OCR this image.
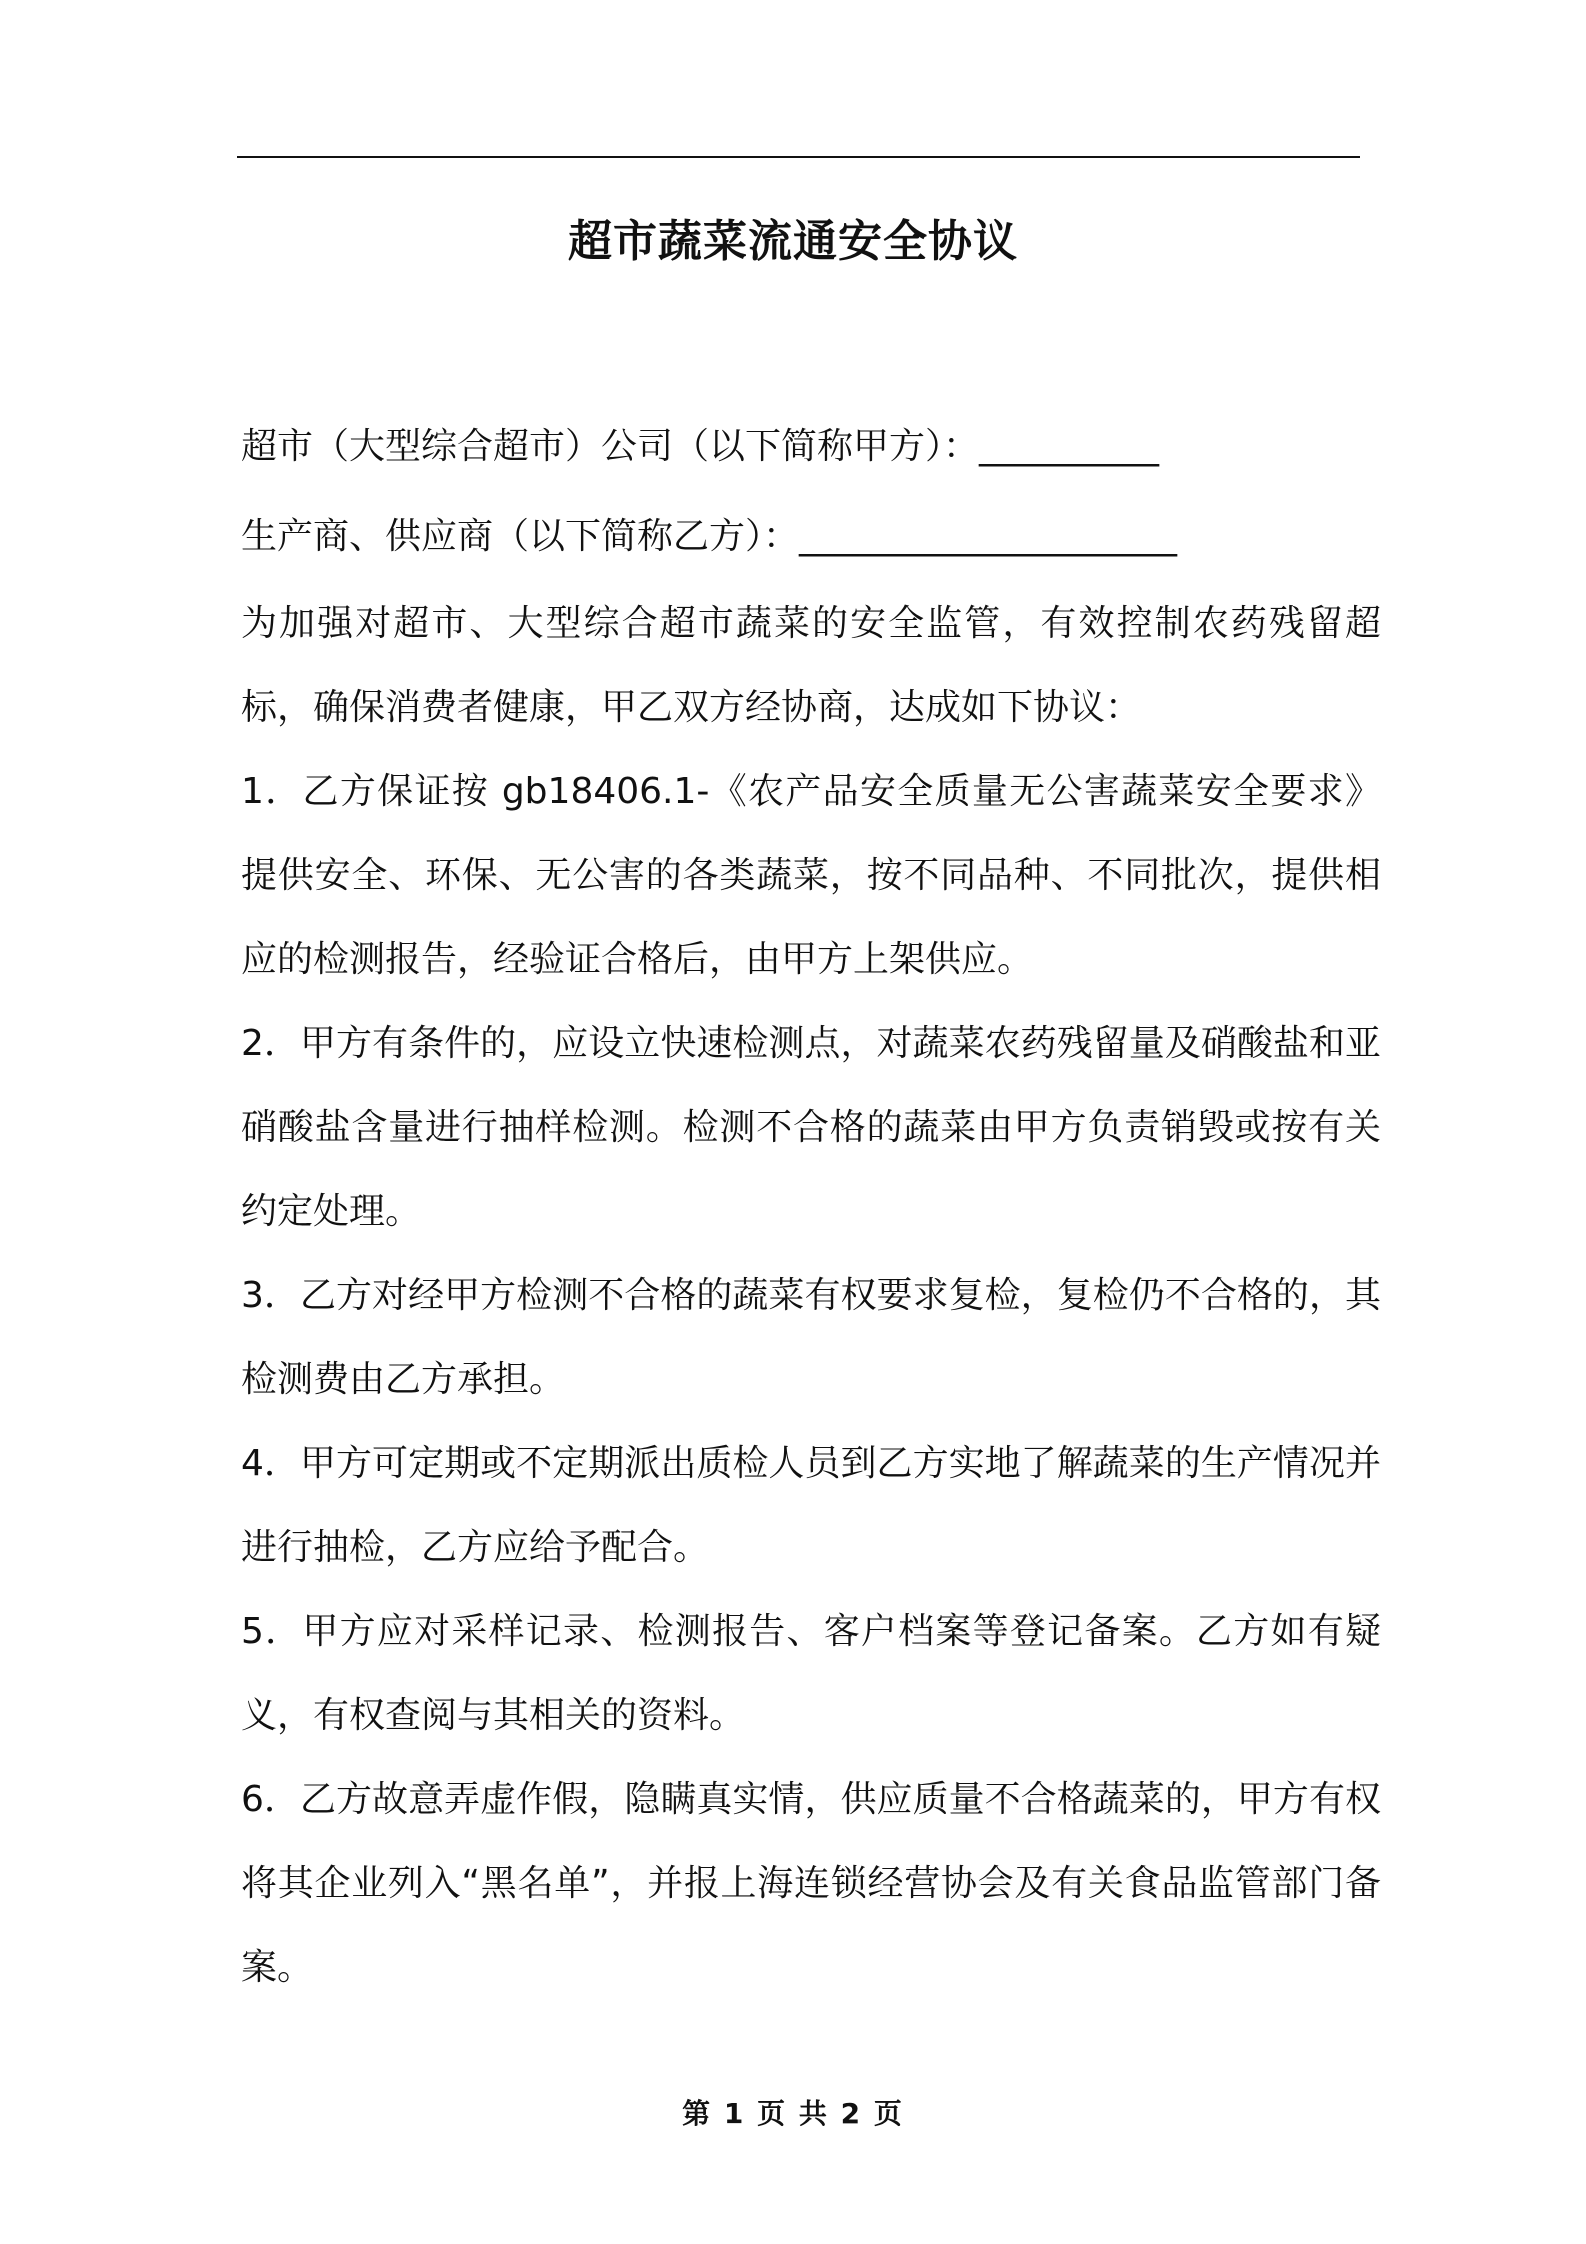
超市蔬菜流通安全协议

超市（大型综合超市）公司（以下简称甲方）：__________

生产商、供应商（以下简称乙方）：_____________________

为加强对超市、大型综合超市蔬菜的安全监管，有效控制农药残留超标，确保消费者健康，甲乙双方经协商，达成如下协议：

1．乙方保证按 gb18406.1-《农产品安全质量无公害蔬菜安全要求》提供安全、环保、无公害的各类蔬菜，按不同品种、不同批次，提供相应的检测报告，经验证合格后，由甲方上架供应。

2．甲方有条件的，应设立快速检测点，对蔬菜农药残留量及硝酸盐和亚硝酸盐含量进行抽样检测。检测不合格的蔬菜由甲方负责销毁或按有关约定处理。

3．乙方对经甲方检测不合格的蔬菜有权要求复检，复检仍不合格的，其检测费由乙方承担。

4．甲方可定期或不定期派出质检人员到乙方实地了解蔬菜的生产情况并进行抽检，乙方应给予配合。

5．甲方应对采样记录、检测报告、客户档案等登记备案。乙方如有疑义，有权查阅与其相关的资料。

6．乙方故意弄虚作假，隐瞒真实情，供应质量不合格蔬菜的，甲方有权将其企业列入“黑名单”，并报上海连锁经营协会及有关食品监管部门备案。

第 1 页 共 2 页
